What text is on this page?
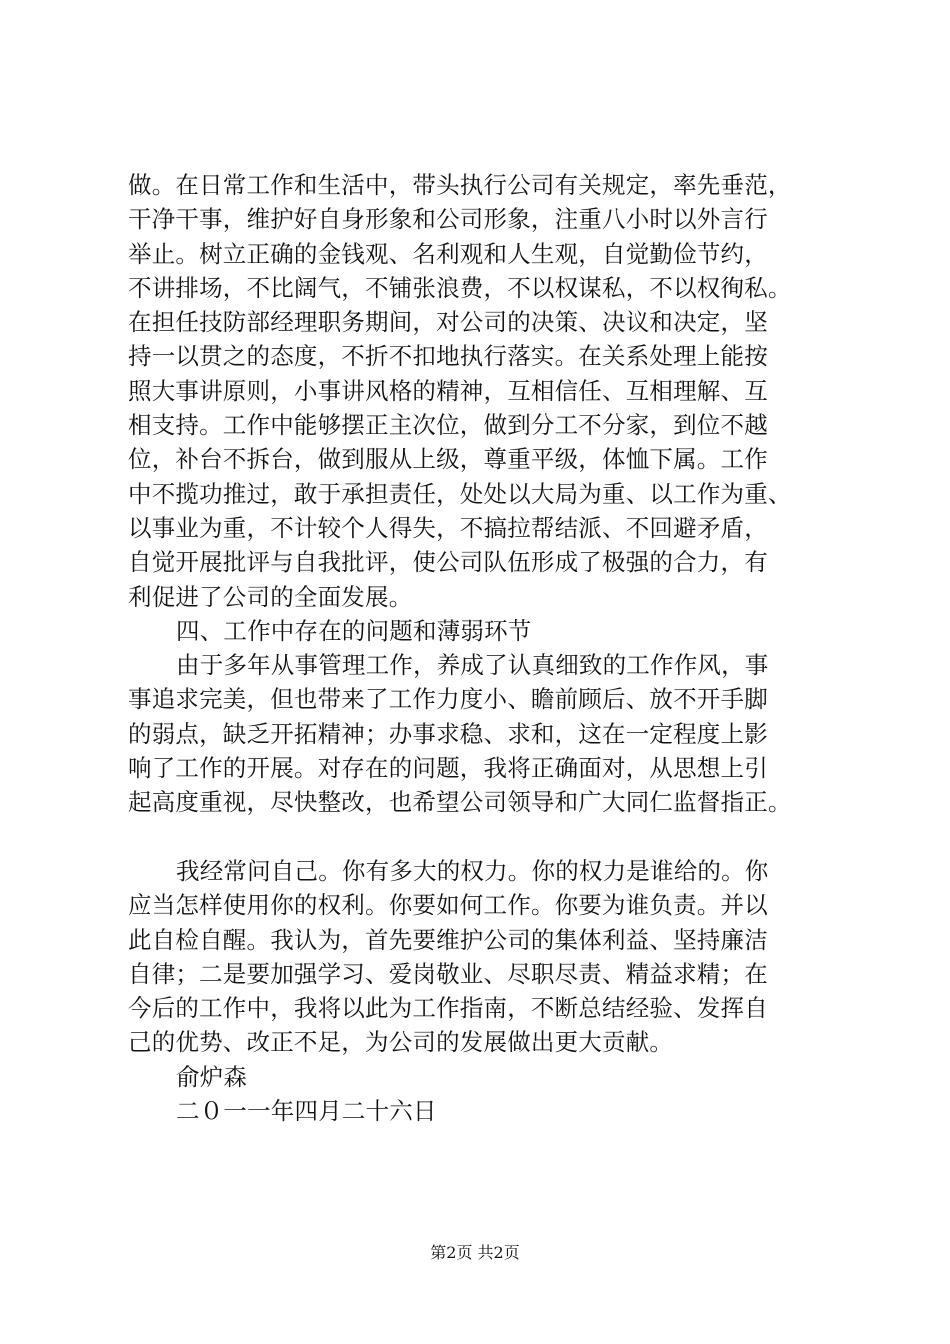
做。在日常工作和生活中，带头执行公司有关规定，率先垂范，
干净干事，维护好自身形象和公司形象，注重八小时以外言行
举止。树立正确的金钱观、名利观和人生观，自觉勤俭节约，
不讲排场，不比阔气，不铺张浪费，不以权谋私，不以权徇私。
在担任技防部经理职务期间，对公司的决策、决议和决定，坚
持一以贯之的态度，不折不扣地执行落实。在关系处理上能按
照大事讲原则，小事讲风格的精神，互相信任、互相理解、互
相支持。工作中能够摆正主次位，做到分工不分家，到位不越
位，补台不拆台，做到服从上级，尊重平级，体恤下属。工作
中不揽功推过，敢于承担责任，处处以大局为重、以工作为重、
以事业为重，不计较个人得失，不搞拉帮结派、不回避矛盾，
自觉开展批评与自我批评，使公司队伍形成了极强的合力，有
利促进了公司的全面发展。
四、工作中存在的问题和薄弱环节
由于多年从事管理工作，养成了认真细致的工作作风，事
事追求完美，但也带来了工作力度小、瞻前顾后、放不开手脚
的弱点，缺乏开拓精神；办事求稳、求和，这在一定程度上影
响了工作的开展。对存在的问题，我将正确面对，从思想上引
起高度重视，尽快整改，也希望公司领导和广大同仁监督指正。
我经常问自己。你有多大的权力。你的权力是谁给的。你
应当怎样使用你的权利。你要如何工作。你要为谁负责。并以
此自检自醒。我认为，首先要维护公司的集体利益、坚持廉洁
自律；二是要加强学习、爱岗敬业、尽职尽责、精益求精；在
今后的工作中，我将以此为工作指南，不断总结经验、发挥自
己的优势、改正不足，为公司的发展做出更大贡献。
俞炉森
二０一一年四月二十六日
第2页 共2页
